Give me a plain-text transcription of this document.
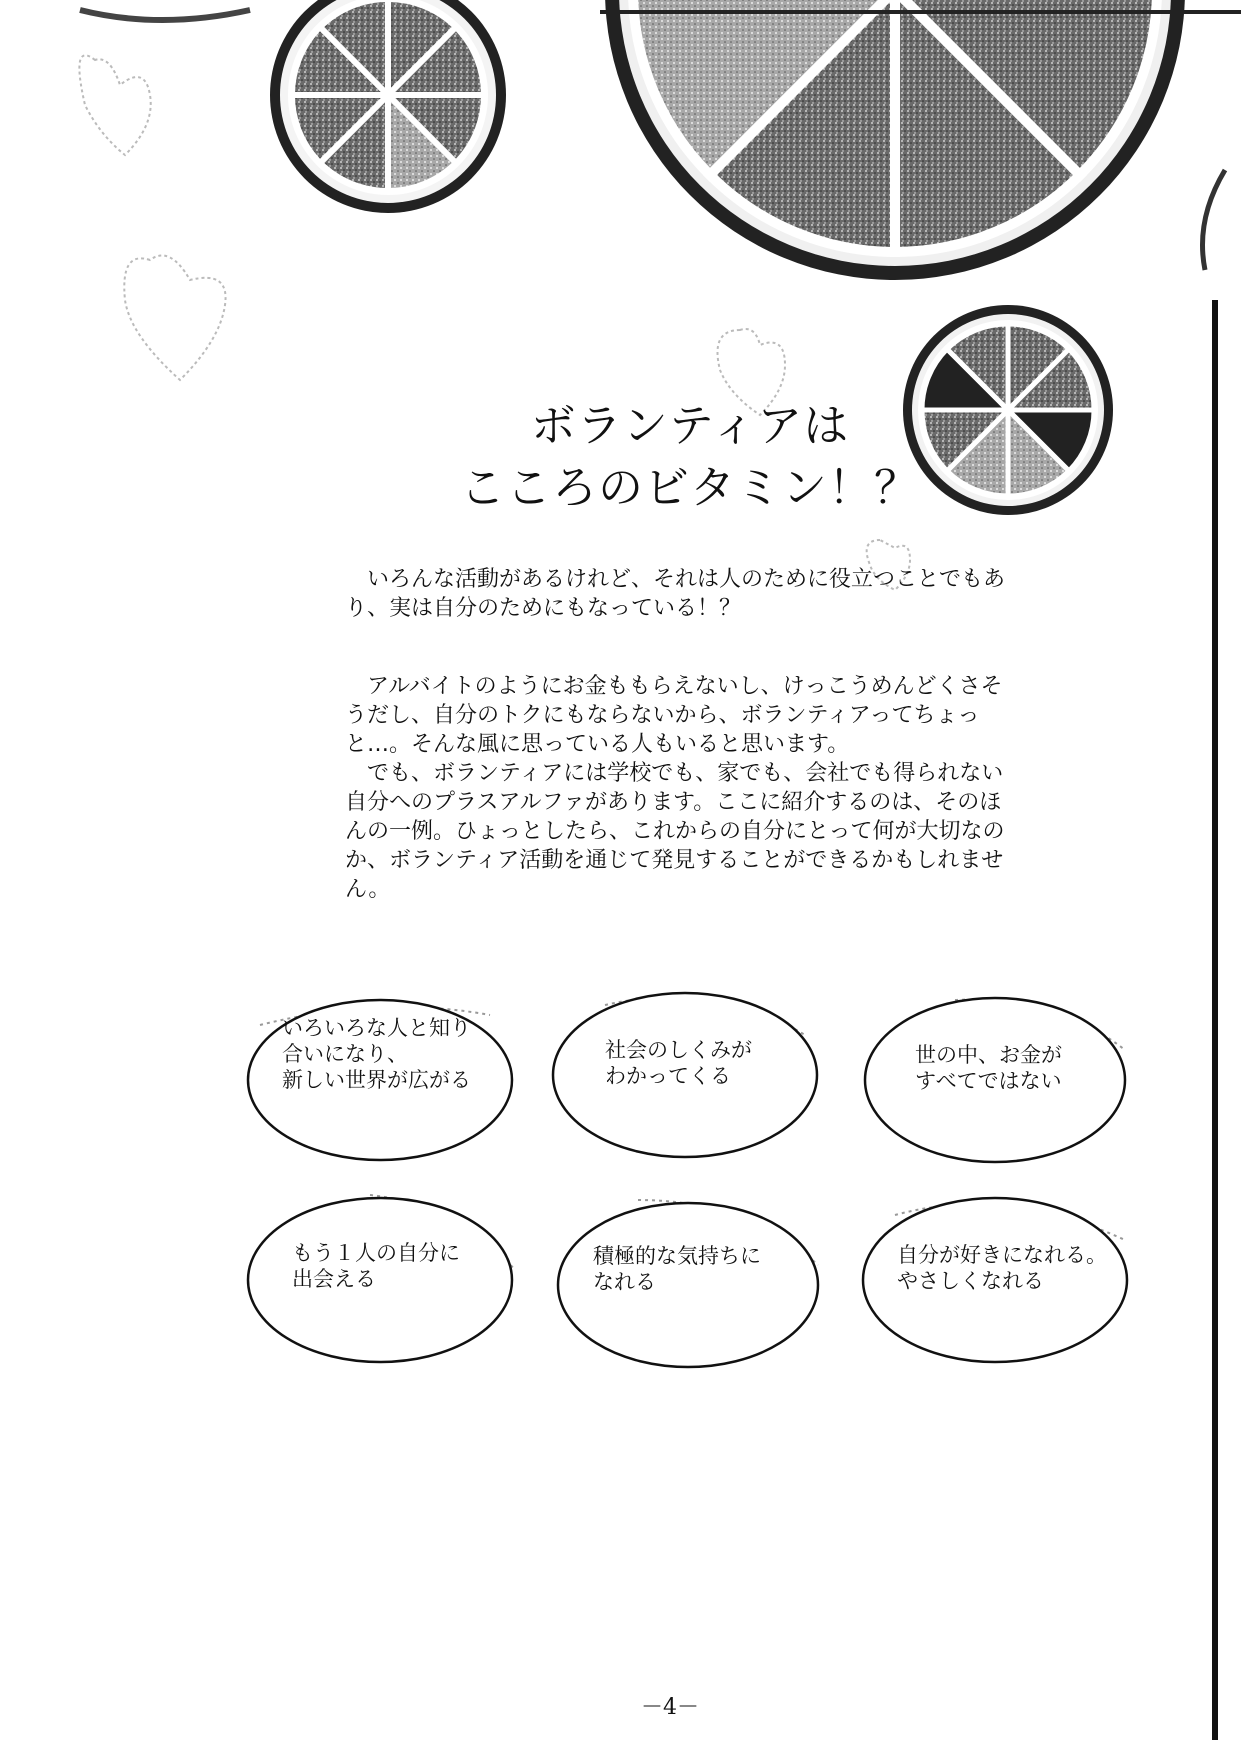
ボランティアは
こころのビタミン！？

いろんな活動があるけれど、それは人のために役立つことでもあり、実は自分のためにもなっている！？

アルバイトのようにお金ももらえないし、けっこうめんどくさそうだし、自分のトクにもならないから、ボランティアってちょっと…。そんな風に思っている人もいると思います。

でも、ボランティアには学校でも、家でも、会社でも得られない自分へのプラスアルファがあります。ここに紹介するのは、そのほんの一例。ひょっとしたら、これからの自分にとって何が大切なのか、ボランティア活動を通じて発見することができるかもしれません。

いろいろな人と知り
合いになり、
新しい世界が広がる

社会のしくみが
わかってくる

世の中、お金が
すべてではない

もう１人の自分に
出会える

積極的な気持ちに
なれる

自分が好きになれる。
やさしくなれる

－4－
